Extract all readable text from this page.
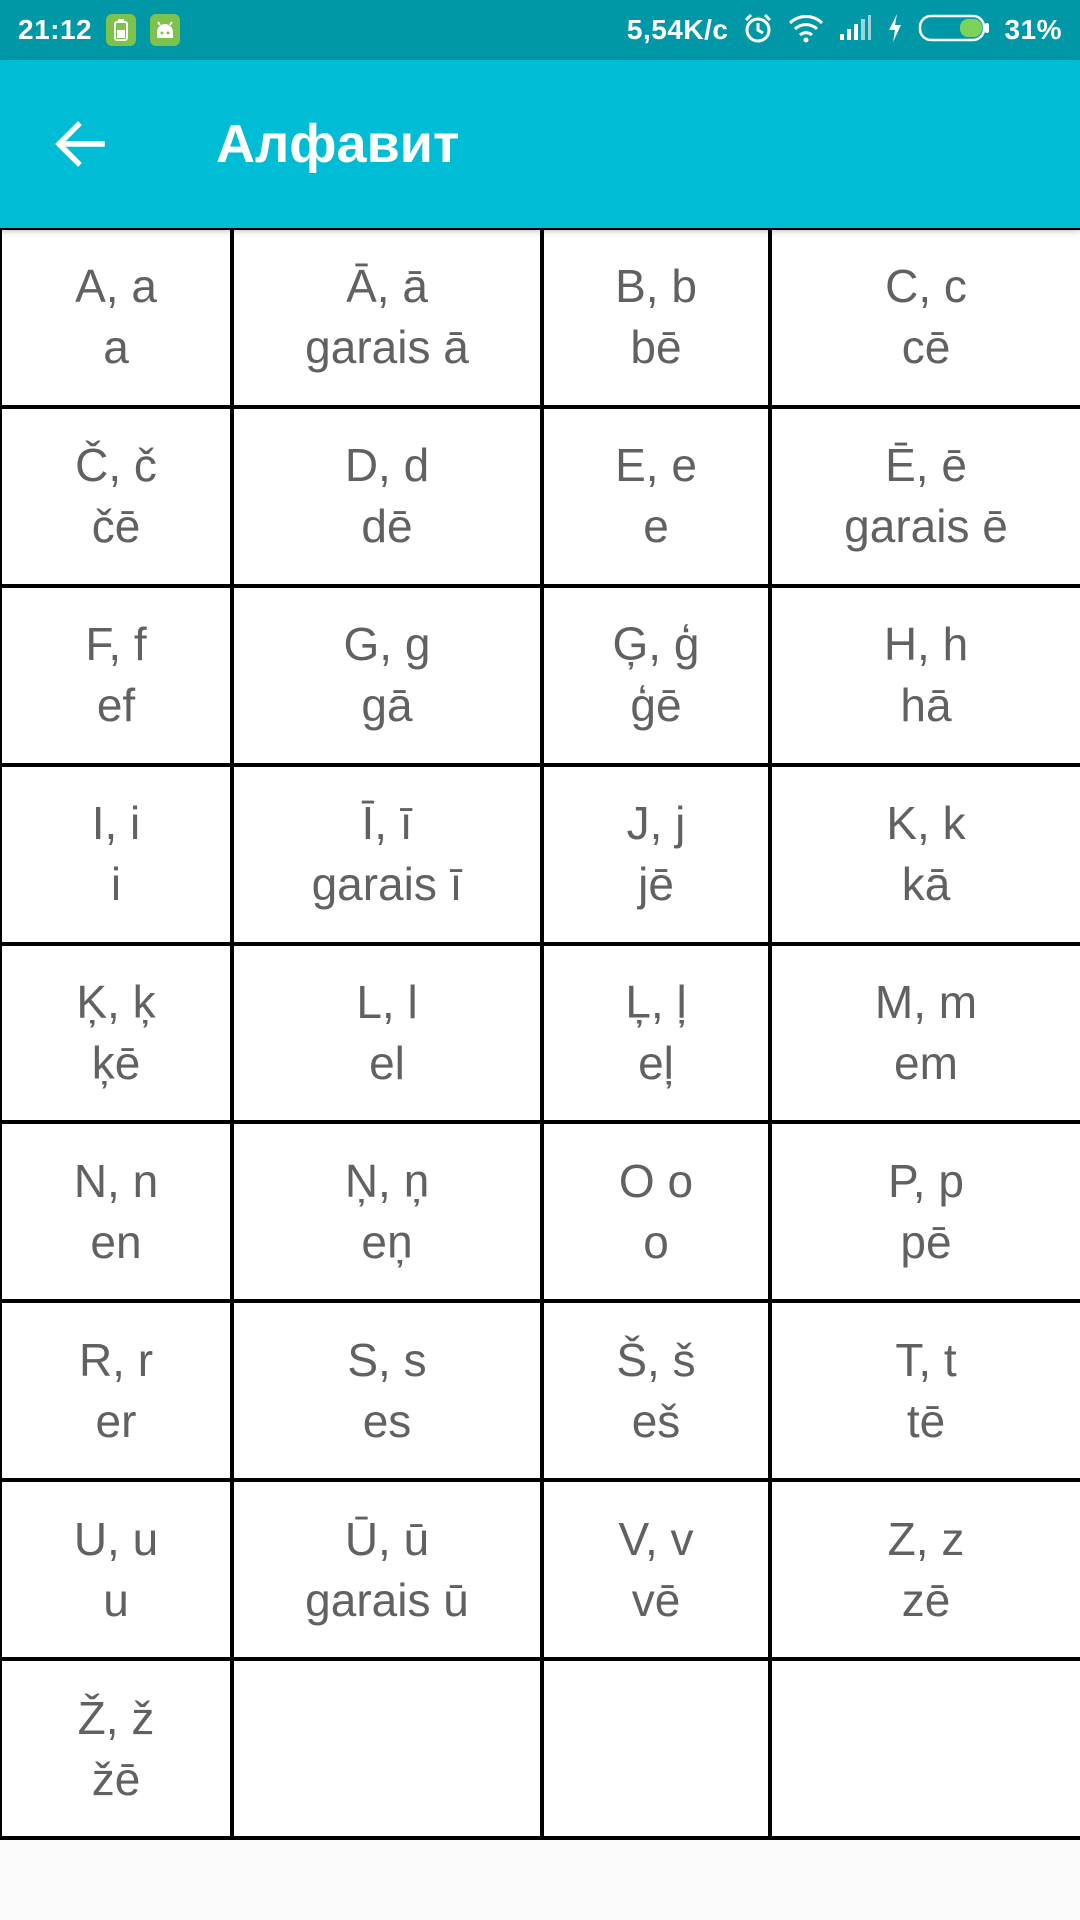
21:12	5,54K/c	31%
Алфавит
A, a
a
Ā, ā
garais ā
B, b
bē
C, c
cē
Č, č
čē
D, d
dē
E, e
e
Ē, ē
garais ē
F, f
ef
G, g
gā
Ģ, ģ
ģē
H, h
hā
I, i
i
Ī, ī
garais ī
J, j
jē
K, k
kā
Ķ, ķ
ķē
L, l
el
Ļ, ļ
eļ
M, m
em
N, n
en
Ņ, ņ
eņ
O o
o
P, p
pē
R, r
er
S, s
es
Š, š
eš
T, t
tē
U, u
u
Ū, ū
garais ū
V, v
vē
Z, z
zē
Ž, ž
žē
